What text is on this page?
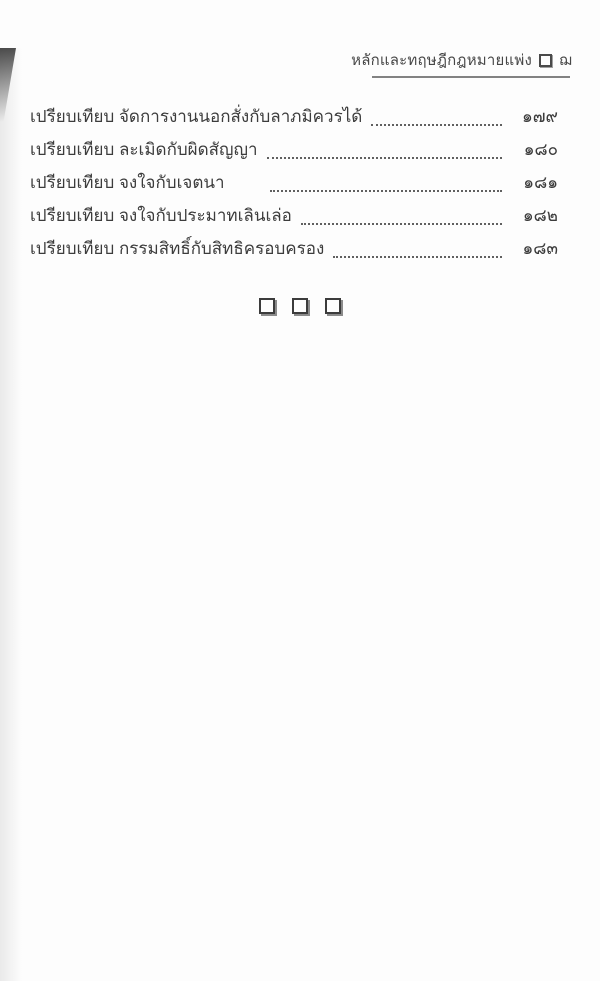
หลักและทฤษฎีกฎหมายแพ่ง ฌ
เปรียบเทียบ จัดการงานนอกสั่งกับลาภมิควรได้	๑๗๙
เปรียบเทียบ ละเมิดกับผิดสัญญา	๑๘๐
เปรียบเทียบ จงใจกับเจตนา	๑๘๑
เปรียบเทียบ จงใจกับประมาทเลินเล่อ	๑๘๒
เปรียบเทียบ กรรมสิทธิ์กับสิทธิครอบครอง	๑๘๓
